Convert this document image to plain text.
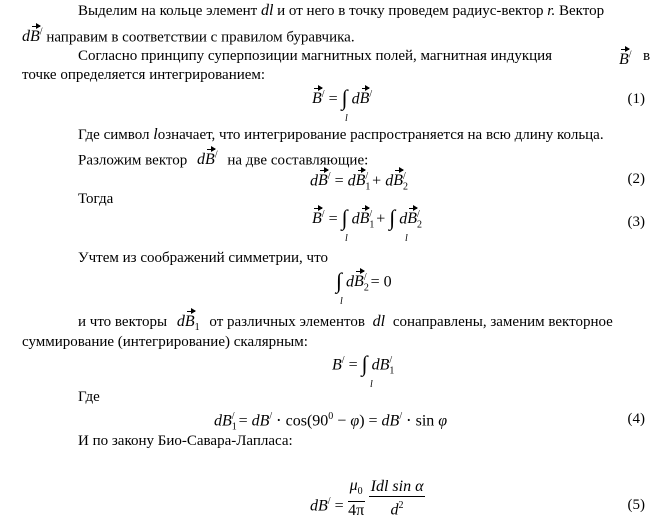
Выделим на кольце элемент dl и от него в точку проведем радиус-вектор r. Вектор
dB/ направим в соответствии с правилом буравчика.
Согласно принципу суперпозиции магнитных полей, магнитная индукция	B/ в
точке определяется интегрированием:
B/ = ∫
l
dB/	(1)
Где символ lозначает, что интегрирование распространяется на всю длину кольца.
Разложим вектор dB/ на две составляющие:
$dB^/ = dB_1^/ + dB_2^/$	(2)
Тогда
B/ = ∫
l
$dB_1^/$ + ∫
l
$dB_2^/$	(3)
Учтем из соображений симметрии, что
∫
l
$dB_2^/ = 0$
и что векторы $dB_1$ от различных элементов dl сонаправлены, заменим векторное
суммирование (интегрирование) скалярным:
B/ = ∫
l
$dB_1^/$
Где
$dB_1^/ = dB^/ \cdot \cos(90^0 - \varphi) = dB^/ \cdot \sin \varphi$	(4)
И по закону Био-Савара-Лапласа:
$dB^/ = \frac{\mu_0}{4\pi}$
$\frac{\text{Idl sin α}}{d^2}$	(5)
